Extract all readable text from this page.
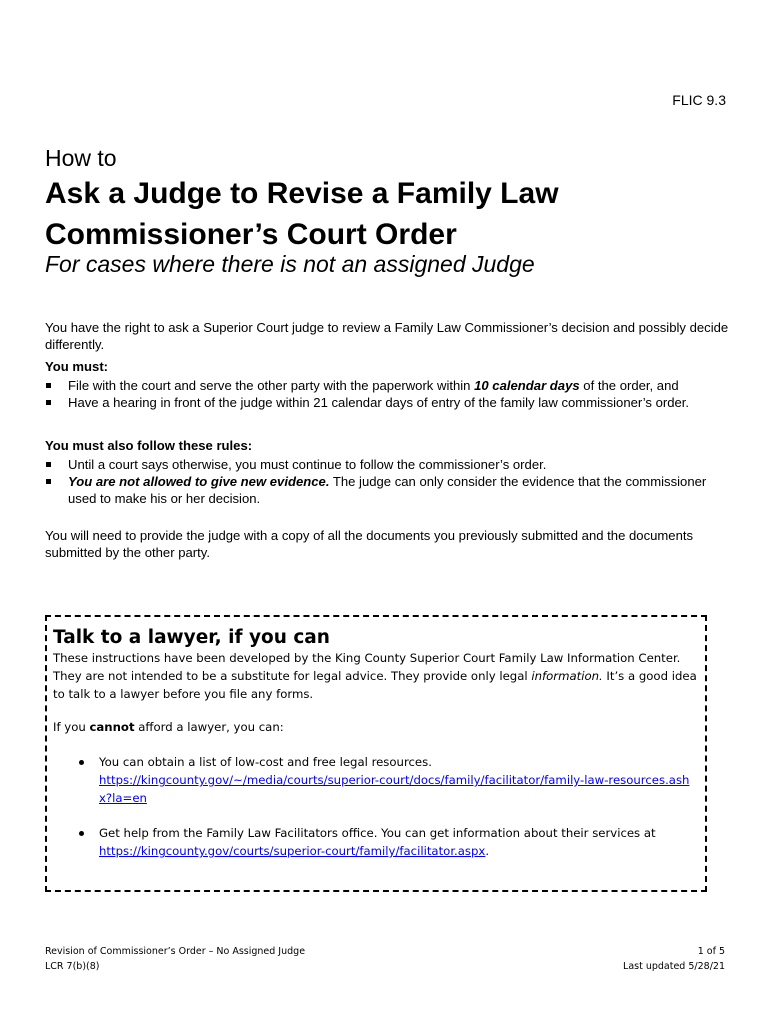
FLIC 9.3
How to
Ask a Judge to Revise a Family Law Commissioner’s Court Order
For cases where there is not an assigned Judge
You have the right to ask a Superior Court judge to review a Family Law Commissioner’s decision and possibly decide differently.
You must:
File with the court and serve the other party with the paperwork within 10 calendar days of the order, and
Have a hearing in front of the judge within 21 calendar days of entry of the family law commissioner’s order.
You must also follow these rules:
Until a court says otherwise, you must continue to follow the commissioner’s order.
You are not allowed to give new evidence. The judge can only consider the evidence that the commissioner used to make his or her decision.
You will need to provide the judge with a copy of all the documents you previously submitted and the documents submitted by the other party.
Talk to a lawyer, if you can
These instructions have been developed by the King County Superior Court Family Law Information Center. They are not intended to be a substitute for legal advice. They provide only legal information. It’s a good idea to talk to a lawyer before you file any forms.
If you cannot afford a lawyer, you can:
You can obtain a list of low-cost and free legal resources.
https://kingcounty.gov/~/media/courts/superior-court/docs/family/facilitator/family-law-resources.ashx?la=en
Get help from the Family Law Facilitators office. You can get information about their services at
https://kingcounty.gov/courts/superior-court/family/facilitator.aspx.
Revision of Commissioner’s Order – No Assigned Judge	1 of 5
LCR 7(b)(8)	Last updated 5/28/21
